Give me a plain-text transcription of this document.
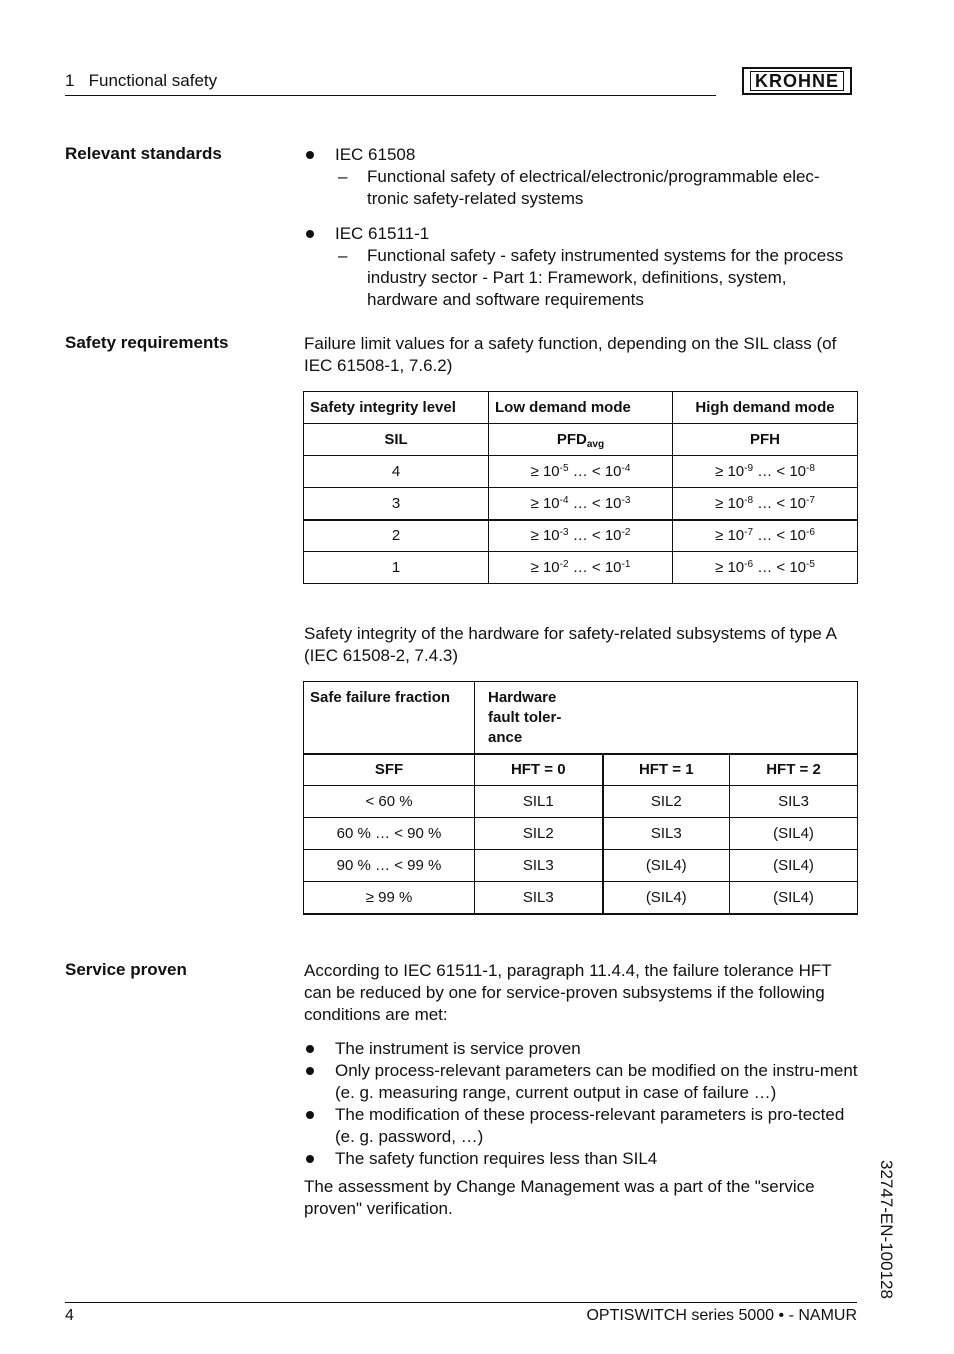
1   Functional safety	KROHNE
Relevant standards	IEC 61508
– Functional safety of electrical/electronic/programmable elec-tronic safety-related systems
IEC 61511-1
– Functional safety - safety instrumented systems for the process industry sector - Part 1: Framework, definitions, system, hardware and software requirements
Safety requirements	Failure limit values for a safety function, depending on the SIL class (of IEC 61508-1, 7.6.2)
Safety integrity level	Low demand mode	High demand mode
SIL	$PFD_{avg}$	PFH
4	≥ $10^{-5}$ … < $10^{-4}$	≥ $10^{-9}$ … < $10^{-8}$
3	≥ $10^{-4}$ … < $10^{-3}$	≥ $10^{-8}$ … < $10^{-7}$
2	≥ $10^{-3}$ … < $10^{-2}$	≥ $10^{-7}$ … < $10^{-6}$
1	≥ $10^{-2}$ … < $10^{-1}$	≥ $10^{-6}$ … < $10^{-5}$
Safety integrity of the hardware for safety-related subsystems of type A (IEC 61508-2, 7.4.3)
Safe failure fraction	Hardware
fault toler-
ance		

SFF	HFT = 0	HFT = 1	HFT = 2
< 60 %	SIL1	SIL2	SIL3
60 % … < 90 %	SIL2	SIL3	(SIL4)
90 % … < 99 %	SIL3	(SIL4)	(SIL4)
≥ 99 %	SIL3	(SIL4)	(SIL4)
Service proven	According to IEC 61511-1, paragraph 11.4.4, the failure tolerance HFT can be reduced by one for service-proven subsystems if the following conditions are met:
The instrument is service proven
Only process-relevant parameters can be modified on the instru-ment (e. g. measuring range, current output in case of failure …)
The modification of these process-relevant parameters is pro-tected (e. g. password, …)
The safety function requires less than SIL4
The assessment by Change Management was a part of the "service proven" verification.	32747-EN-100128
4	OPTISWITCH series 5000 • - NAMUR
